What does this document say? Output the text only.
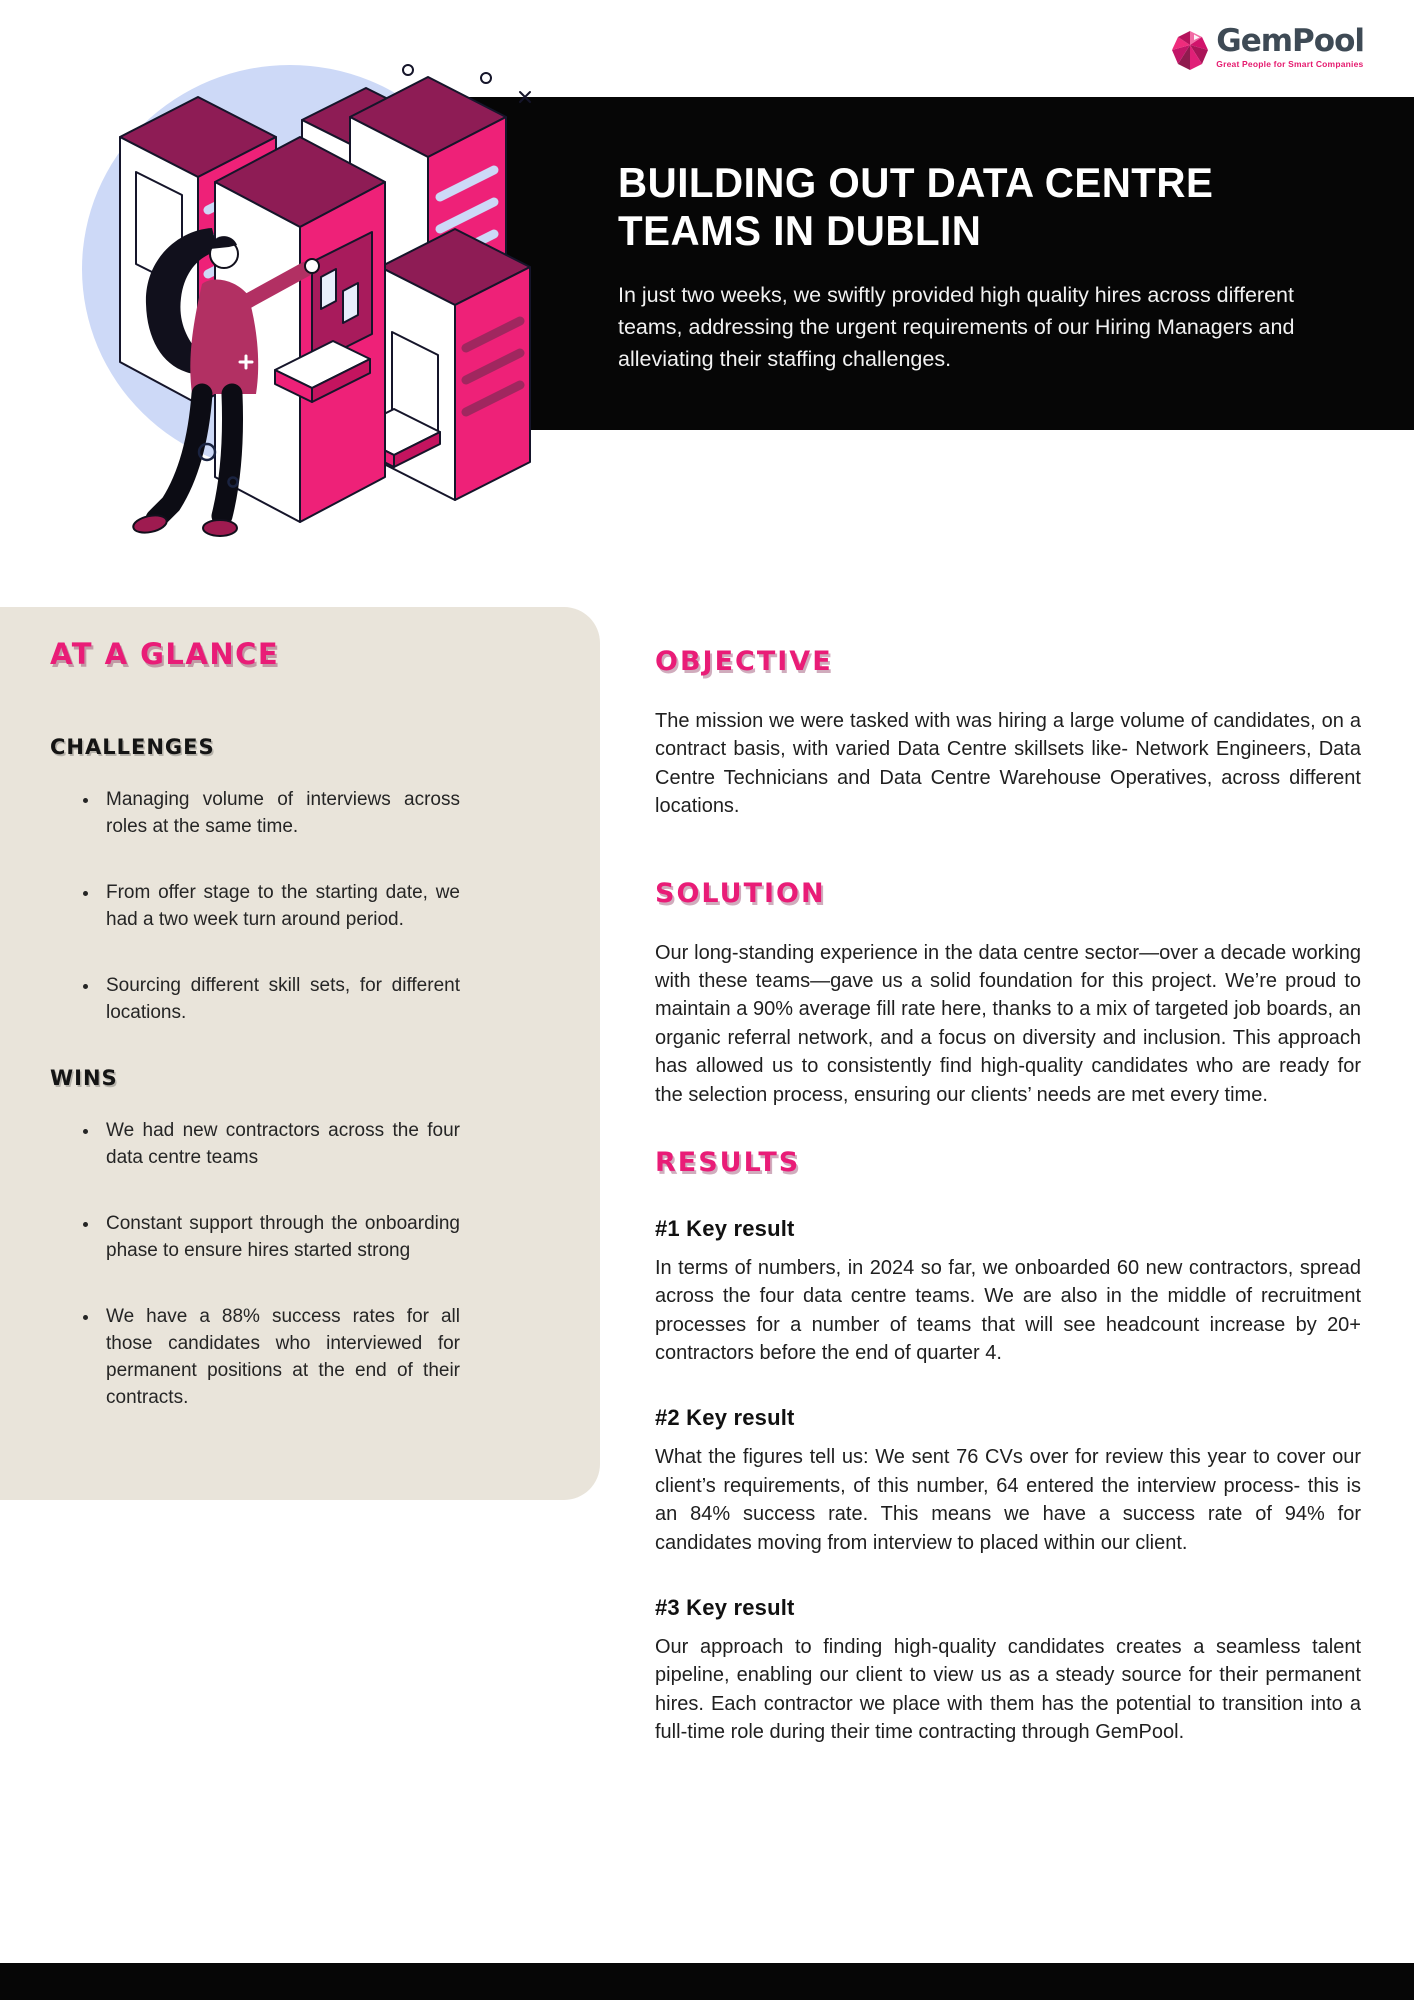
GemPool
Great People for Smart Companies
BUILDING OUT DATA CENTRE
TEAMS IN DUBLIN

In just two weeks, we swiftly provided high quality hires across different teams, addressing the urgent requirements of our Hiring Managers and alleviating their staffing challenges.

AT A GLANCE
CHALLENGES
• Managing volume of interviews across roles at the same time.
• From offer stage to the starting date, we had a two week turn around period.
• Sourcing different skill sets, for different locations.
WINS
• We had new contractors across the four data centre teams
• Constant support through the onboarding phase to ensure hires started strong
• We have a 88% success rates for all those candidates who interviewed for permanent positions at the end of their contracts.
OBJECTIVE

The mission we were tasked with was hiring a large volume of candidates, on a contract basis, with varied Data Centre skillsets like- Network Engineers, Data Centre Technicians and Data Centre Warehouse Operatives, across different locations.

SOLUTION

Our long-standing experience in the data centre sector—over a decade working with these teams—gave us a solid foundation for this project. We’re proud to maintain a 90% average fill rate here, thanks to a mix of targeted job boards, an organic referral network, and a focus on diversity and inclusion. This approach has allowed us to consistently find high-quality candidates who are ready for the selection process, ensuring our clients’ needs are met every time.

RESULTS
#1 Key result

In terms of numbers, in 2024 so far, we onboarded 60 new contractors, spread across the four data centre teams. We are also in the middle of recruitment processes for a number of teams that will see headcount increase by 20+ contractors before the end of quarter 4.

#2 Key result

What the figures tell us: We sent 76 CVs over for review this year to cover our client’s requirements, of this number, 64 entered the interview process- this is an 84% success rate. This means we have a success rate of 94% for candidates moving from interview to placed within our client.

#3 Key result

Our approach to finding high-quality candidates creates a seamless talent pipeline, enabling our client to view us as a steady source for their permanent hires. Each contractor we place with them has the potential to transition into a full-time role during their time contracting through GemPool.
